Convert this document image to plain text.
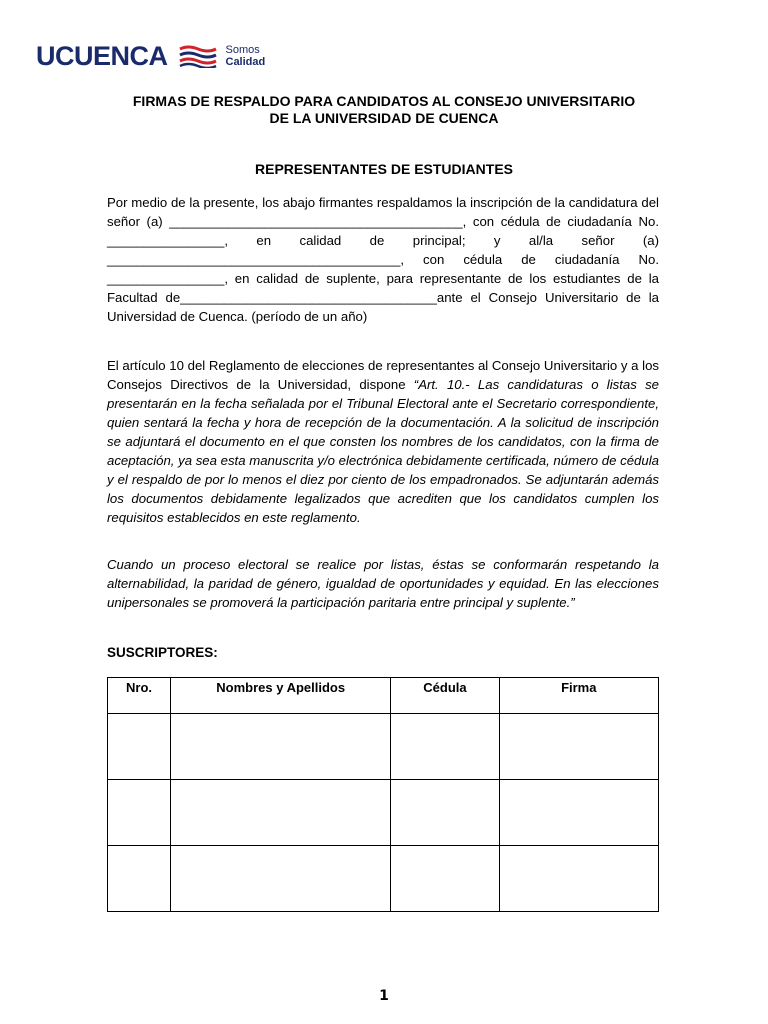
UCUENCA	Somos
Calidad
FIRMAS DE RESPALDO PARA CANDIDATOS AL CONSEJO UNIVERSITARIO
DE LA UNIVERSIDAD DE CUENCA
REPRESENTANTES DE ESTUDIANTES

Por medio de la presente, los abajo firmantes respaldamos la inscripción de la candidatura del señor (a) ________________________________________, con cédula de ciudadanía No. ________________, en calidad de principal; y al/la señor (a) ________________________________________, con cédula de ciudadanía No. ________________, en calidad de suplente, para representante de los estudiantes de la Facultad de___________________________________ante el Consejo Universitario de la Universidad de Cuenca. (período de un año)

El artículo 10 del Reglamento de elecciones de representantes al Consejo Universitario y a los Consejos Directivos de la Universidad, dispone “Art. 10.- Las candidaturas o listas se presentarán en la fecha señalada por el Tribunal Electoral ante el Secretario correspondiente, quien sentará la fecha y hora de recepción de la documentación. A la solicitud de inscripción se adjuntará el documento en el que consten los nombres de los candidatos, con la firma de aceptación, ya sea esta manuscrita y/o electrónica debidamente certificada, número de cédula y el respaldo de por lo menos el diez por ciento de los empadronados. Se adjuntarán además los documentos debidamente legalizados que acrediten que los candidatos cumplen los requisitos establecidos en este reglamento.

Cuando un proceso electoral se realice por listas, éstas se conformarán respetando la alternabilidad, la paridad de género, igualdad de oportunidades y equidad. En las elecciones unipersonales se promoverá la participación paritaria entre principal y suplente.”

SUSCRIPTORES:
Nro.	Nombres y Apellidos	Cédula	Firma

1
